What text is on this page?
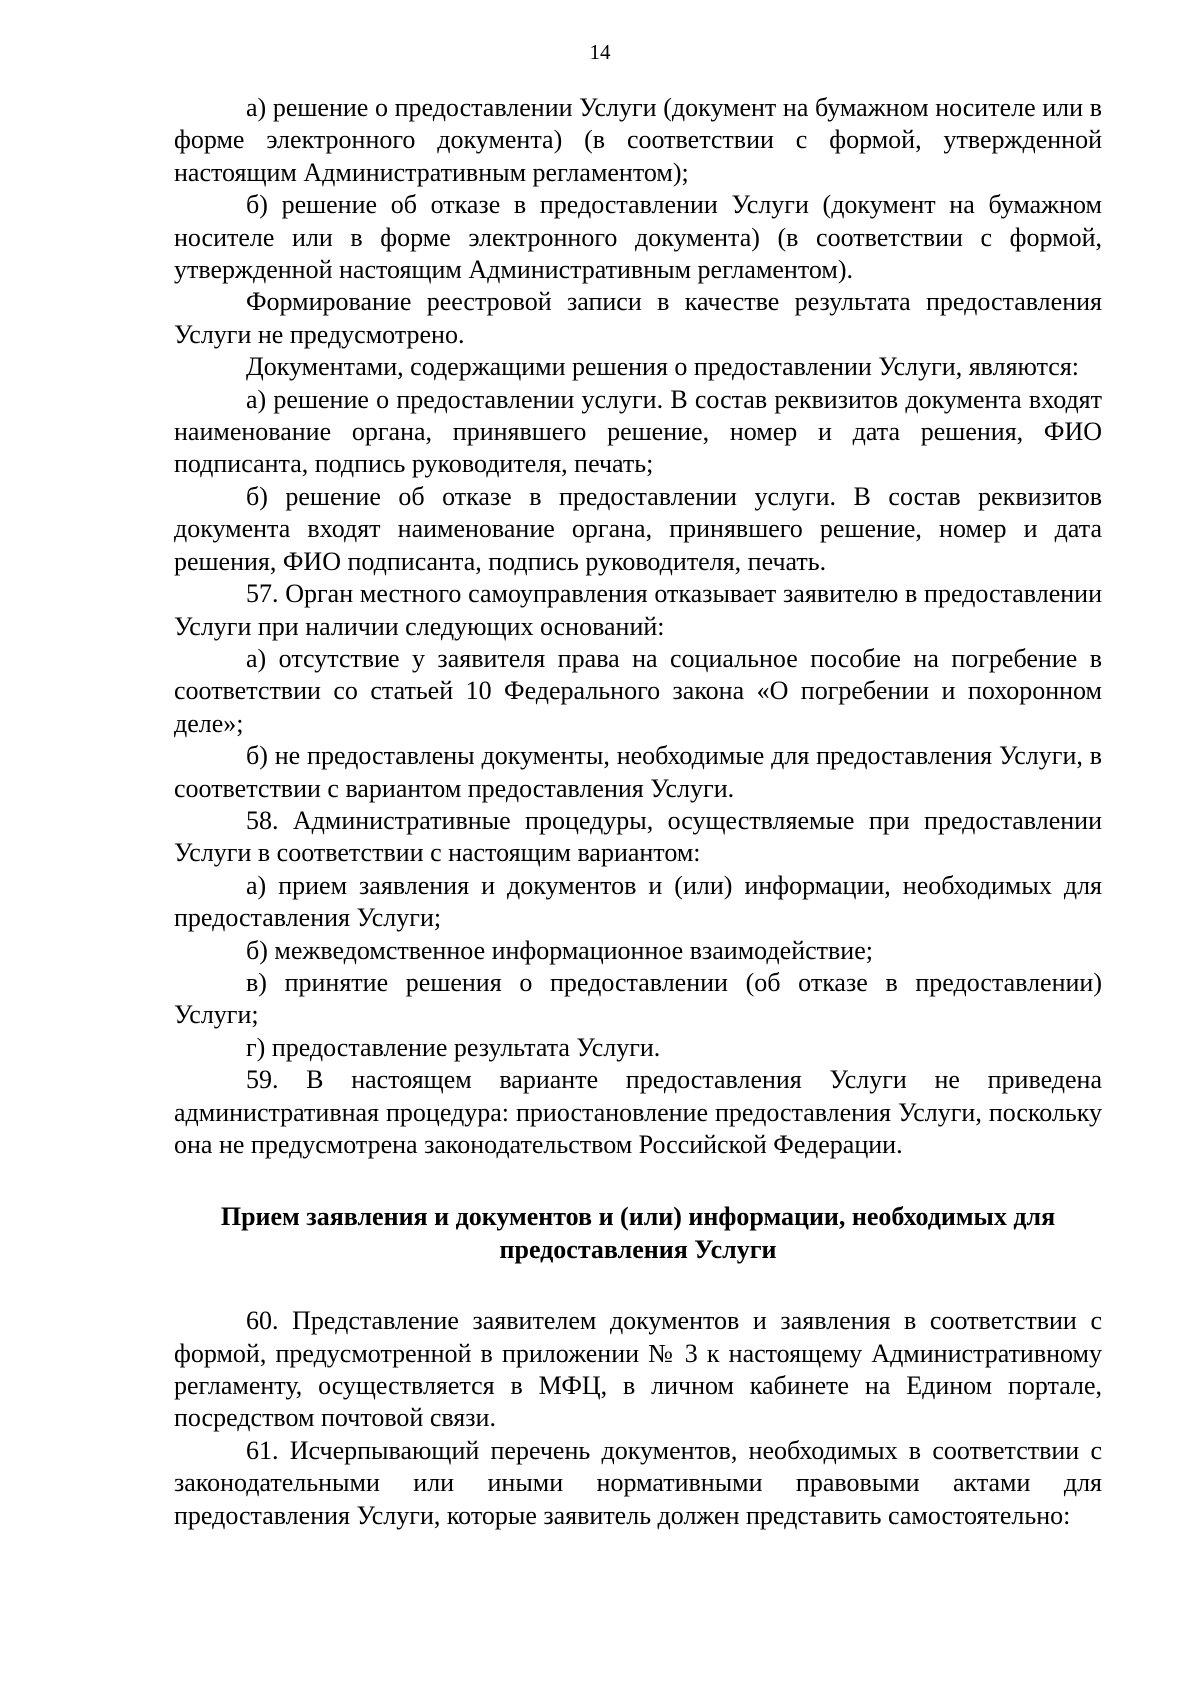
14

а) решение о предоставлении Услуги (документ на бумажном носителе или в форме электронного документа) (в соответствии с формой, утвержденной настоящим Административным регламентом);

б) решение об отказе в предоставлении Услуги (документ на бумажном носителе или в форме электронного документа) (в соответствии с формой, утвержденной настоящим Административным регламентом).

Формирование реестровой записи в качестве результата предоставления Услуги не предусмотрено.

Документами, содержащими решения о предоставлении Услуги, являются:

а) решение о предоставлении услуги. В состав реквизитов документа входят наименование органа, принявшего решение, номер и дата решения, ФИО подписанта, подпись руководителя, печать;

б) решение об отказе в предоставлении услуги. В состав реквизитов документа входят наименование органа, принявшего решение, номер и дата решения, ФИО подписанта, подпись руководителя, печать.

57. Орган местного самоуправления отказывает заявителю в предоставлении Услуги при наличии следующих оснований:

а) отсутствие у заявителя права на социальное пособие на погребение в соответствии со статьей 10 Федерального закона «О погребении и похоронном деле»;

б) не предоставлены документы, необходимые для предоставления Услуги, в соответствии с вариантом предоставления Услуги.

58. Административные процедуры, осуществляемые при предоставлении Услуги в соответствии с настоящим вариантом:

а) прием заявления и документов и (или) информации, необходимых для предоставления Услуги;

б) межведомственное информационное взаимодействие;

в) принятие решения о предоставлении (об отказе в предоставлении) Услуги;

г) предоставление результата Услуги.

59. В настоящем варианте предоставления Услуги не приведена административная процедура: приостановление предоставления Услуги, поскольку она не предусмотрена законодательством Российской Федерации.

Прием заявления и документов и (или) информации, необходимых для предоставления Услуги

60. Представление заявителем документов и заявления в соответствии с формой, предусмотренной в приложении № 3 к настоящему Административному регламенту, осуществляется в МФЦ, в личном кабинете на Едином портале, посредством почтовой связи.

61. Исчерпывающий перечень документов, необходимых в соответствии с законодательными или иными нормативными правовыми актами для предоставления Услуги, которые заявитель должен представить самостоятельно:
